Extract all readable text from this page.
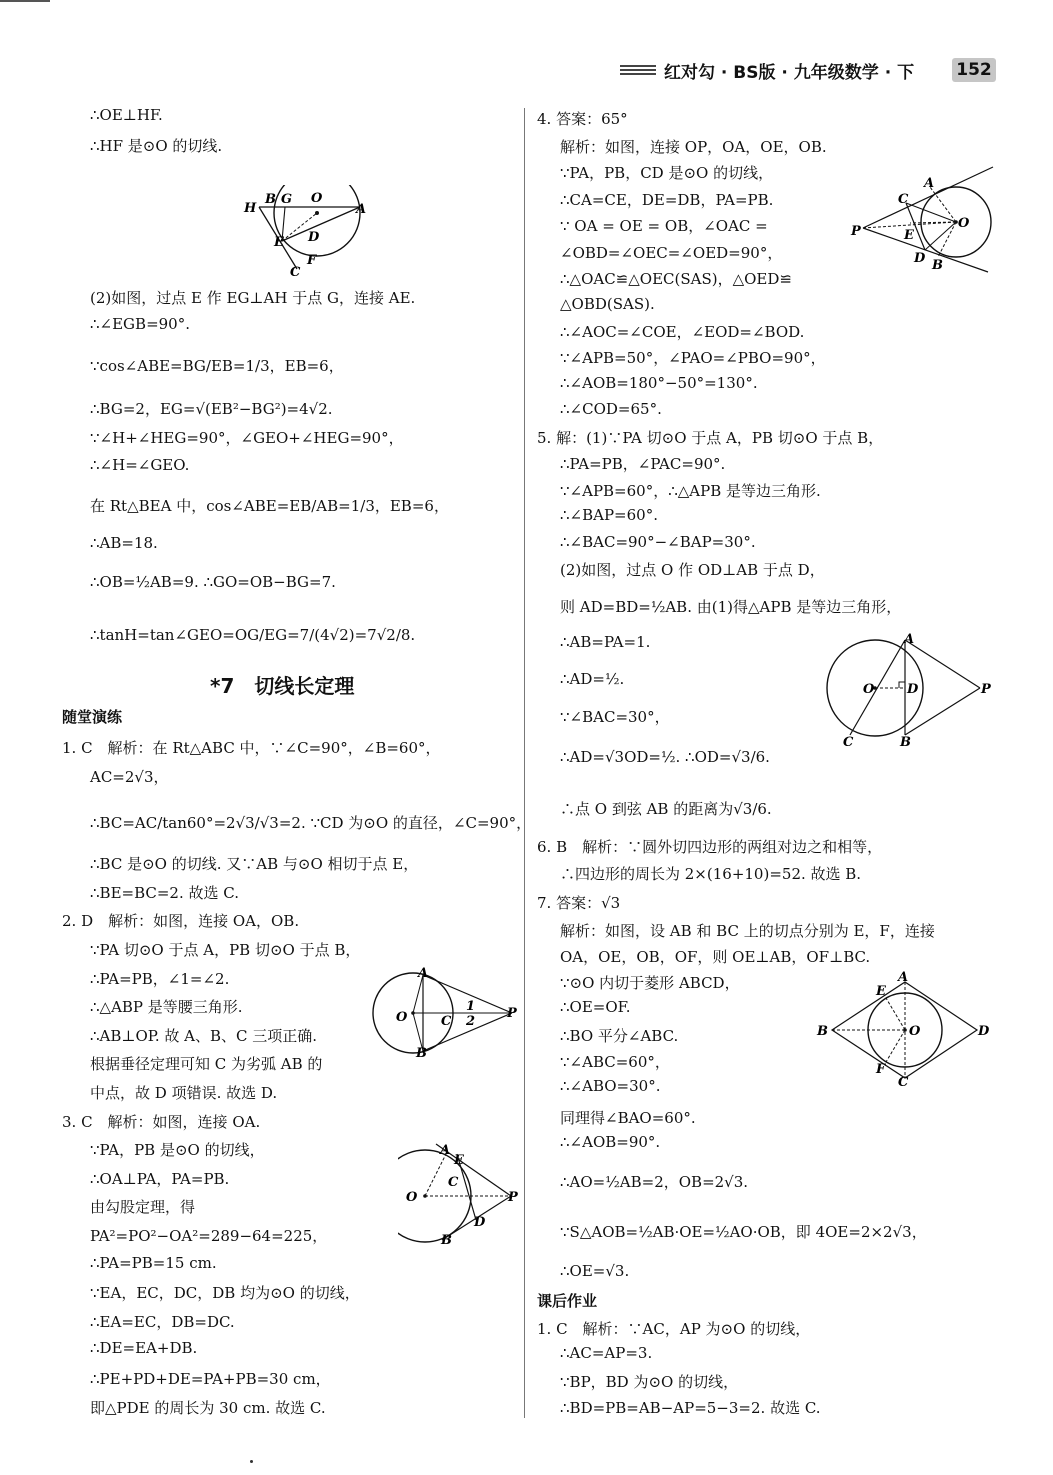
红对勾 · BS版 · 九年级数学 · 下 152
∴OE⊥HF.
∴HF 是⊙O 的切线.
(2)如图，过点 E 作 EG⊥AH 于点 G，连接 AE.
∴∠EGB=90°.
∵cos∠ABE=BG/EB=1/3，EB=6，
∴BG=2，EG=√(EB²−BG²)=4√2.
∵∠H+∠HEG=90°，∠GEO+∠HEG=90°，
∴∠H=∠GEO.
在 Rt△BEA 中，cos∠ABE=EB/AB=1/3，EB=6，
∴AB=18.
∴OB=½AB=9. ∴GO=OB−BG=7.
∴tanH=tan∠GEO=OG/EG=7/(4√2)=7√2/8.
*7　切线长定理
随堂演练
1. C　解析：在 Rt△ABC 中，∵∠C=90°，∠B=60°，
AC=2√3，
∴BC=AC/tan60°=2√3/√3=2. ∵CD 为⊙O 的直径，∠C=90°，
∴BC 是⊙O 的切线. 又∵AB 与⊙O 相切于点 E，
∴BE=BC=2. 故选 C.
2. D　解析：如图，连接 OA，OB.
∵PA 切⊙O 于点 A，PB 切⊙O 于点 B，
∴PA=PB，∠1=∠2.
∴△ABP 是等腰三角形.
∴AB⊥OP. 故 A、B、C 三项正确.
根据垂径定理可知 C 为劣弧 AB 的
中点，故 D 项错误. 故选 D.
3. C　解析：如图，连接 OA.
∵PA，PB 是⊙O 的切线，
∴OA⊥PA，PA=PB.
由勾股定理，得
PA²=PO²−OA²=289−64=225，
∴PA=PB=15 cm.
∵EA，EC，DC，DB 均为⊙O 的切线，
∴EA=EC，DB=DC.
∴DE=EA+DB.
∴PE+PD+DE=PA+PB=30 cm，
即△PDE 的周长为 30 cm. 故选 C.
4. 答案：65°
解析：如图，连接 OP，OA，OE，OB.
∵PA，PB，CD 是⊙O 的切线，
∴CA=CE，DE=DB，PA=PB.
∵ OA = OE = OB，∠OAC =
∠OBD=∠OEC=∠OED=90°，
∴△OAC≌△OEC(SAS)，△OED≌
△OBD(SAS).
∴∠AOC=∠COE，∠EOD=∠BOD.
∵∠APB=50°，∠PAO=∠PBO=90°，
∴∠AOB=180°−50°=130°.
∴∠COD=65°.
5. 解：(1)∵PA 切⊙O 于点 A，PB 切⊙O 于点 B，
∴PA=PB，∠PAC=90°.
∵∠APB=60°，∴△APB 是等边三角形.
∴∠BAP=60°.
∴∠BAC=90°−∠BAP=30°.
(2)如图，过点 O 作 OD⊥AB 于点 D，
则 AD=BD=½AB. 由(1)得△APB 是等边三角形，
∴AB=PA=1.
∴AD=½.
∵∠BAC=30°，
∴AD=√3OD=½. ∴OD=√3/6.
∴点 O 到弦 AB 的距离为√3/6.
6. B　解析：∵圆外切四边形的两组对边之和相等，
∴四边形的周长为 2×(16+10)=52. 故选 B.
7. 答案：√3
解析：如图，设 AB 和 BC 上的切点分别为 E，F，连接
OA，OE，OB，OF，则 OE⊥AB，OF⊥BC.
∵⊙O 内切于菱形 ABCD，
∴OE=OF.
∴BO 平分∠ABC.
∵∠ABC=60°，
∴∠ABO=30°.
同理得∠BAO=60°.
∴∠AOB=90°.
∴AO=½AB=2，OB=2√3.
∵S△AOB=½AB·OE=½AO·OB，即 4OE=2×2√3，
∴OE=√3.
课后作业
1. C　解析：∵AC，AP 为⊙O 的切线，
∴AC=AP=3.
∵BP，BD 为⊙O 的切线，
∴BD=PB=AB−AP=5−3=2. 故选 C.
B G O
H	A
E D
C
F
A
O	C
1
2
P
B
A
E
O
C
P
D
B
C
A
P	E
O
D B
A
O	D	P
C	B
E
A
B	O	D
F
C
